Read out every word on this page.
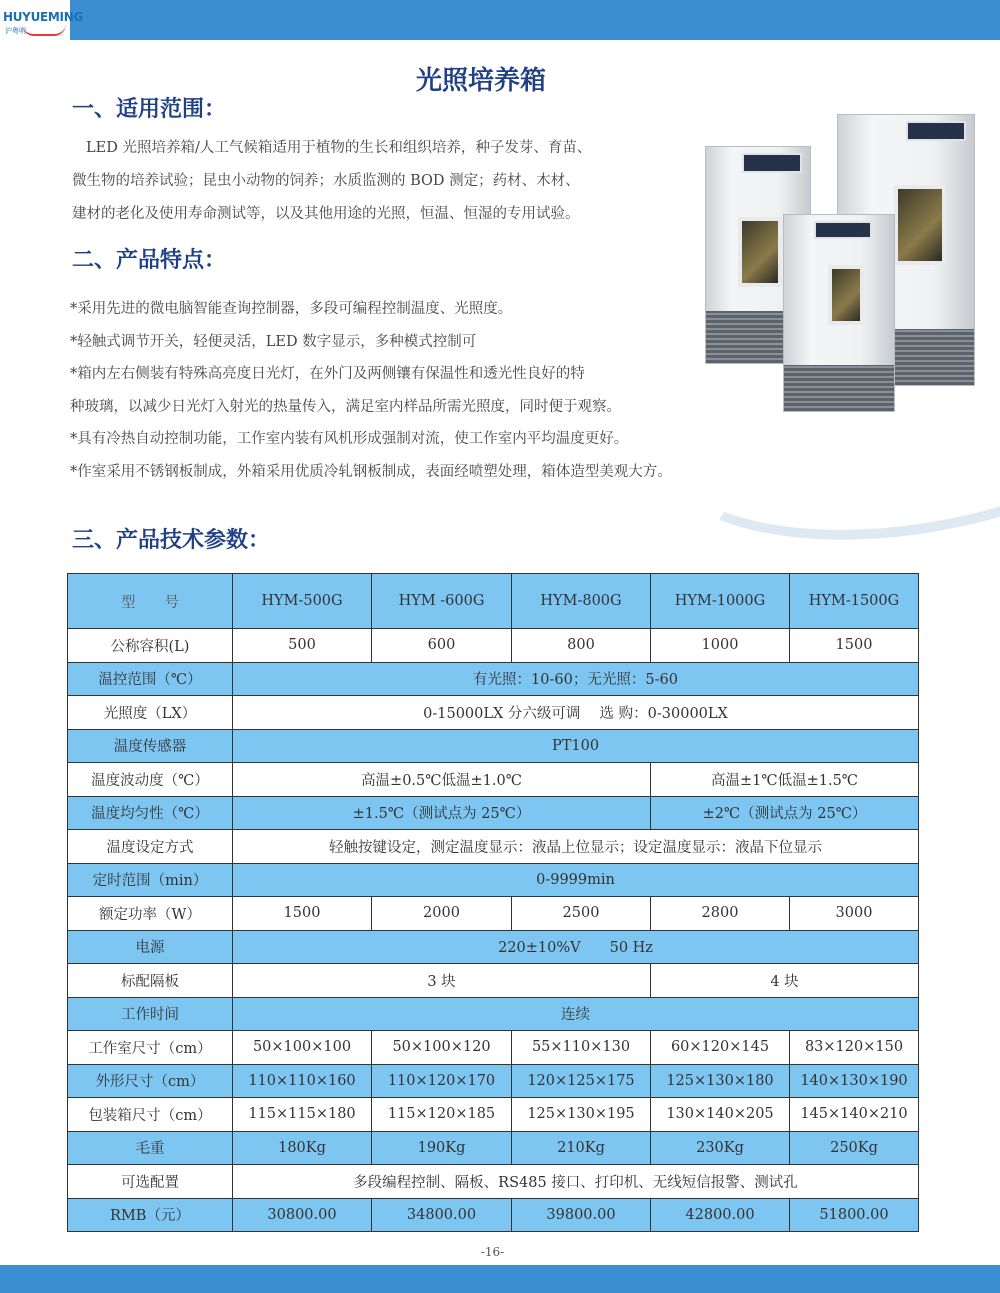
HUYUEMING
沪粤明
光照培养箱
一、适用范围：
LED 光照培养箱/人工气候箱适用于植物的生长和组织培养，种子发芽、育苗、
微生物的培养试验；昆虫小动物的饲养；水质监测的 BOD 测定；药材、木材、
建材的老化及使用寿命测试等，以及其他用途的光照，恒温、恒湿的专用试验。
二、产品特点：
*采用先进的微电脑智能查询控制器，多段可编程控制温度、光照度。
*轻触式调节开关，轻便灵活，LED 数字显示，多种模式控制可
*箱内左右侧装有特殊高亮度日光灯，在外门及两侧镶有保温性和透光性良好的特
种玻璃，以减少日光灯入射光的热量传入，满足室内样品所需光照度，同时便于观察。
*具有冷热自动控制功能，工作室内装有风机形成强制对流，使工作室内平均温度更好。
*作室采用不锈钢板制成，外箱采用优质冷轧钢板制成，表面经喷塑处理，箱体造型美观大方。
三、产品技术参数：
型　　号	HYM-500G	HYM -600G	HYM-800G	HYM-1000G	HYM-1500G
公称容积(L)	500	600	800	1000	1500
温控范围（℃）	有光照：10-60；无光照：5-60				
光照度（LX）	0-15000LX 分六级可调　 选 购：0-30000LX				
温度传感器	PT100				
温度波动度（℃）	高温±0.5℃低温±1.0℃			高温±1℃低温±1.5℃	
温度均匀性（℃）	±1.5℃（测试点为 25℃）			±2℃（测试点为 25℃）	
温度设定方式	轻触按键设定，测定温度显示：液晶上位显示；设定温度显示：液晶下位显示				
定时范围（min）	0-9999min				
额定功率（W）	1500	2000	2500	2800	3000
电源	220±10%V　　50 Hz				
标配隔板	3 块			4 块	
工作时间	连续				
工作室尺寸（cm）	50×100×100	50×100×120	55×110×130	60×120×145	83×120×150
外形尺寸（cm）	110×110×160	110×120×170	120×125×175	125×130×180	140×130×190
包装箱尺寸（cm）	115×115×180	115×120×185	125×130×195	130×140×205	145×140×210
毛重	180Kg	190Kg	210Kg	230Kg	250Kg
可选配置	多段编程控制、隔板、RS485 接口、打印机、无线短信报警、测试孔				
RMB（元）	30800.00	34800.00	39800.00	42800.00	51800.00
-16-
